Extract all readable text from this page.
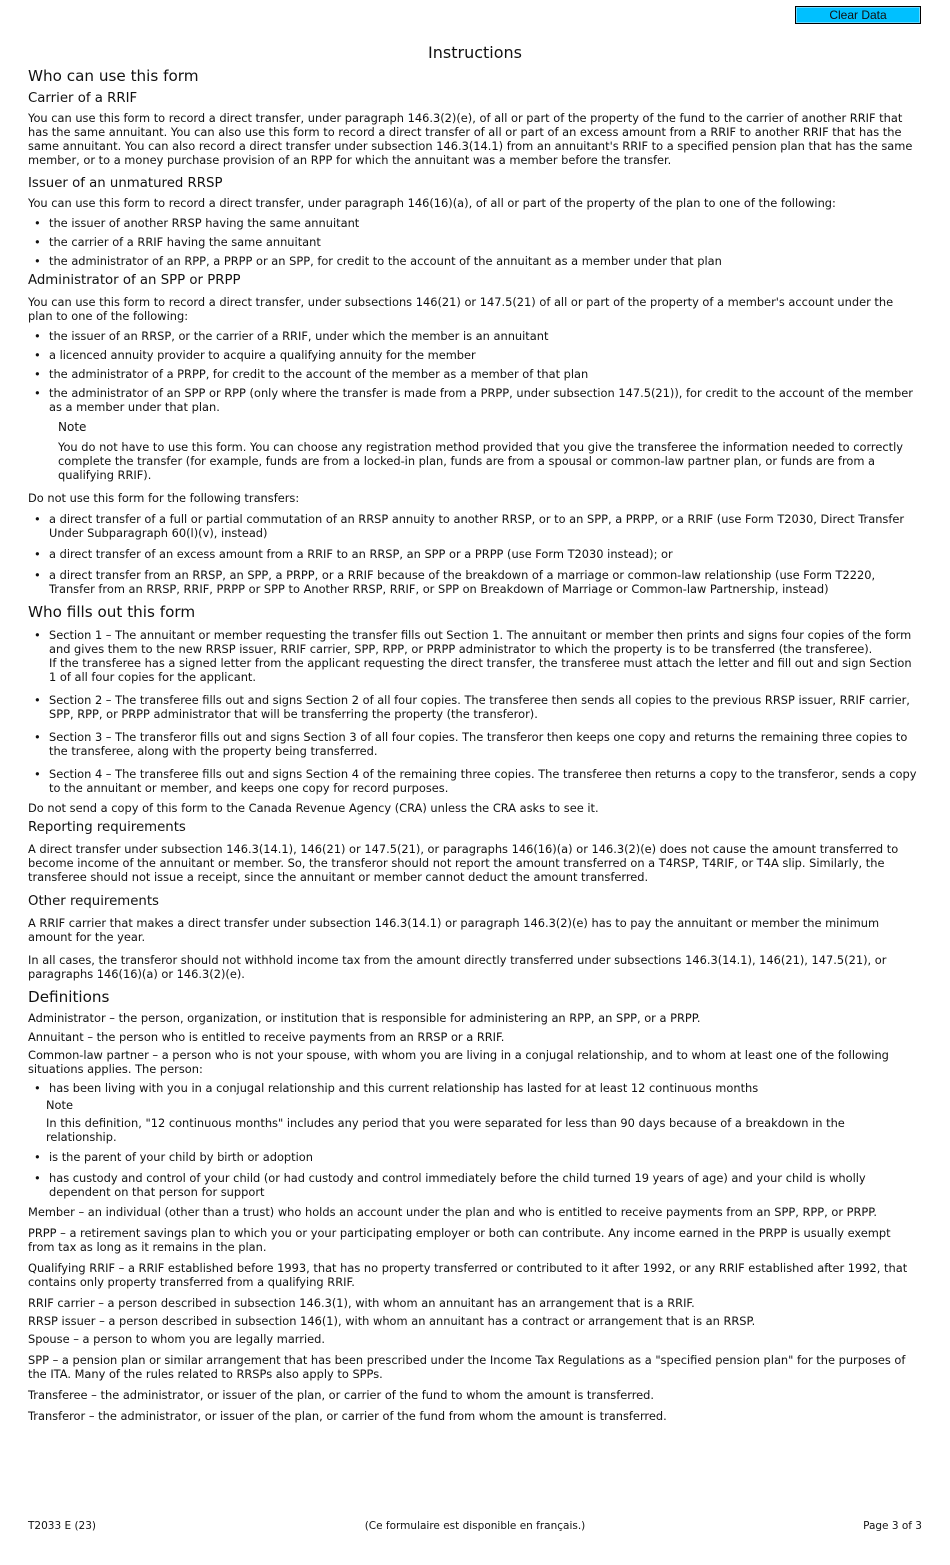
Clear Data
Instructions
Who can use this form
Carrier of a RRIF

You can use this form to record a direct transfer, under paragraph 146.3(2)(e), of all or part of the property of the fund to the carrier of another RRIF that has the same annuitant. You can also use this form to record a direct transfer of all or part of an excess amount from a RRIF to another RRIF that has the same annuitant. You can also record a direct transfer under subsection 146.3(14.1) from an annuitant's RRIF to a specified pension plan that has the same member, or to a money purchase provision of an RPP for which the annuitant was a member before the transfer.

Issuer of an unmatured RRSP

You can use this form to record a direct transfer, under paragraph 146(16)(a), of all or part of the property of the plan to one of the following:

• the issuer of another RRSP having the same annuitant
• the carrier of a RRIF having the same annuitant
• the administrator of an RPP, a PRPP or an SPP, for credit to the account of the annuitant as a member under that plan
Administrator of an SPP or PRPP

You can use this form to record a direct transfer, under subsections 146(21) or 147.5(21) of all or part of the property of a member's account under the plan to one of the following:

• the issuer of an RRSP, or the carrier of a RRIF, under which the member is an annuitant
• a licenced annuity provider to acquire a qualifying annuity for the member
• the administrator of a PRPP, for credit to the account of the member as a member of that plan
• the administrator of an SPP or RPP (only where the transfer is made from a PRPP, under subsection 147.5(21)), for credit to the account of the member as a member under that plan.
Note
You do not have to use this form. You can choose any registration method provided that you give the transferee the information needed to correctly complete the transfer (for example, funds are from a locked-in plan, funds are from a spousal or common-law partner plan, or funds are from a qualifying RRIF).

Do not use this form for the following transfers:

• a direct transfer of a full or partial commutation of an RRSP annuity to another RRSP, or to an SPP, a PRPP, or a RRIF (use Form T2030, Direct Transfer Under Subparagraph 60(l)(v), instead)
• a direct transfer of an excess amount from a RRIF to an RRSP, an SPP or a PRPP (use Form T2030 instead); or
• a direct transfer from an RRSP, an SPP, a PRPP, or a RRIF because of the breakdown of a marriage or common-law relationship (use Form T2220, Transfer from an RRSP, RRIF, PRPP or SPP to Another RRSP, RRIF, or SPP on Breakdown of Marriage or Common-law Partnership, instead)
Who fills out this form
• Section 1 – The annuitant or member requesting the transfer fills out Section 1. The annuitant or member then prints and signs four copies of the form and gives them to the new RRSP issuer, RRIF carrier, SPP, RPP, or PRPP administrator to which the property is to be transferred (the transferee).
If the transferee has a signed letter from the applicant requesting the direct transfer, the transferee must attach the letter and fill out and sign Section 1 of all four copies for the applicant.
• Section 2 – The transferee fills out and signs Section 2 of all four copies. The transferee then sends all copies to the previous RRSP issuer, RRIF carrier, SPP, RPP, or PRPP administrator that will be transferring the property (the transferor).
• Section 3 – The transferor fills out and signs Section 3 of all four copies. The transferor then keeps one copy and returns the remaining three copies to the transferee, along with the property being transferred.
• Section 4 – The transferee fills out and signs Section 4 of the remaining three copies. The transferee then returns a copy to the transferor, sends a copy to the annuitant or member, and keeps one copy for record purposes.

Do not send a copy of this form to the Canada Revenue Agency (CRA) unless the CRA asks to see it.

Reporting requirements

A direct transfer under subsection 146.3(14.1), 146(21) or 147.5(21), or paragraphs 146(16)(a) or 146.3(2)(e) does not cause the amount transferred to become income of the annuitant or member. So, the transferor should not report the amount transferred on a T4RSP, T4RIF, or T4A slip. Similarly, the transferee should not issue a receipt, since the annuitant or member cannot deduct the amount transferred.

Other requirements

A RRIF carrier that makes a direct transfer under subsection 146.3(14.1) or paragraph 146.3(2)(e) has to pay the annuitant or member the minimum amount for the year.

In all cases, the transferor should not withhold income tax from the amount directly transferred under subsections 146.3(14.1), 146(21), 147.5(21), or paragraphs 146(16)(a) or 146.3(2)(e).

Definitions

Administrator – the person, organization, or institution that is responsible for administering an RPP, an SPP, or a PRPP.

Annuitant – the person who is entitled to receive payments from an RRSP or a RRIF.

Common-law partner – a person who is not your spouse, with whom you are living in a conjugal relationship, and to whom at least one of the following situations applies. The person:

• has been living with you in a conjugal relationship and this current relationship has lasted for at least 12 continuous months
Note
In this definition, "12 continuous months" includes any period that you were separated for less than 90 days because of a breakdown in the relationship.
• is the parent of your child by birth or adoption
• has custody and control of your child (or had custody and control immediately before the child turned 19 years of age) and your child is wholly dependent on that person for support

Member – an individual (other than a trust) who holds an account under the plan and who is entitled to receive payments from an SPP, RPP, or PRPP.

PRPP – a retirement savings plan to which you or your participating employer or both can contribute. Any income earned in the PRPP is usually exempt from tax as long as it remains in the plan.

Qualifying RRIF – a RRIF established before 1993, that has no property transferred or contributed to it after 1992, or any RRIF established after 1992, that contains only property transferred from a qualifying RRIF.

RRIF carrier – a person described in subsection 146.3(1), with whom an annuitant has an arrangement that is a RRIF.

RRSP issuer – a person described in subsection 146(1), with whom an annuitant has a contract or arrangement that is an RRSP.

Spouse – a person to whom you are legally married.

SPP – a pension plan or similar arrangement that has been prescribed under the Income Tax Regulations as a "specified pension plan" for the purposes of the ITA. Many of the rules related to RRSPs also apply to SPPs.

Transferee – the administrator, or issuer of the plan, or carrier of the fund to whom the amount is transferred.

Transferor – the administrator, or issuer of the plan, or carrier of the fund from whom the amount is transferred.

T2033 E (23)	(Ce formulaire est disponible en français.)	Page 3 of 3
